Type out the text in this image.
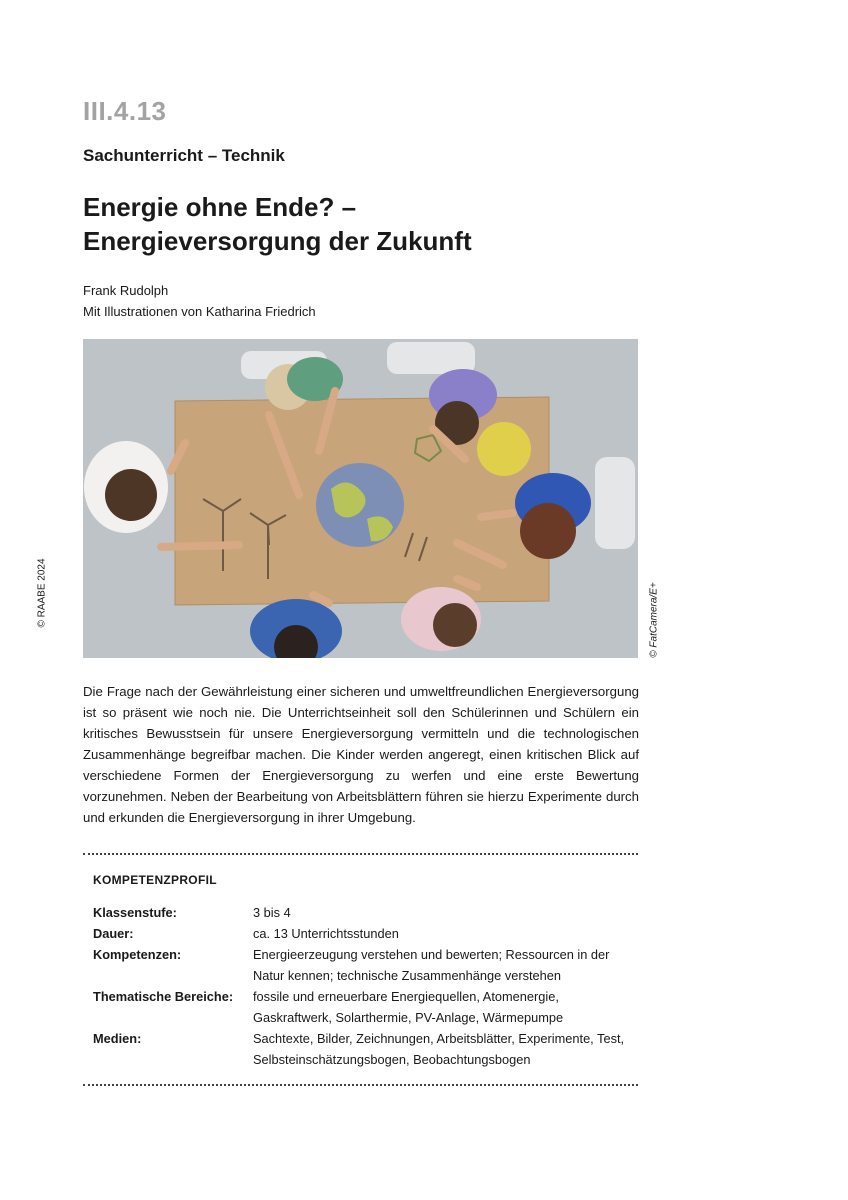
III.4.13
Sachunterricht – Technik
Energie ohne Ende? –
Energieversorgung der Zukunft
Frank Rudolph
Mit Illustrationen von Katharina Friedrich
© RAABE 2024	© FatCamera/E+
Die Frage nach der Gewährleistung einer sicheren und umweltfreundlichen Energieversorgung ist so präsent wie noch nie. Die Unterrichtseinheit soll den Schülerinnen und Schülern ein kritisches Bewusstsein für unsere Energieversorgung vermitteln und die technologischen Zusammenhänge begreifbar machen. Die Kinder werden angeregt, einen kritischen Blick auf verschiedene Formen der Energieversorgung zu werfen und eine erste Bewertung vorzunehmen. Neben der Bearbeitung von Arbeitsblättern führen sie hierzu Experimente durch und erkunden die Energieversorgung in ihrer Umgebung.
KOMPETENZPROFIL
Klassenstufe:	3 bis 4
Dauer:	ca. 13 Unterrichtsstunden
Kompetenzen:	Energieerzeugung verstehen und bewerten; Ressourcen in der Natur kennen; technische Zusammenhänge verstehen
Thematische Bereiche:	fossile und erneuerbare Energiequellen, Atomenergie, Gaskraftwerk, Solarthermie, PV-Anlage, Wärmepumpe
Medien:	Sachtexte, Bilder, Zeichnungen, Arbeitsblätter, Experimente, Test, Selbsteinschätzungsbogen, Beobachtungsbogen
